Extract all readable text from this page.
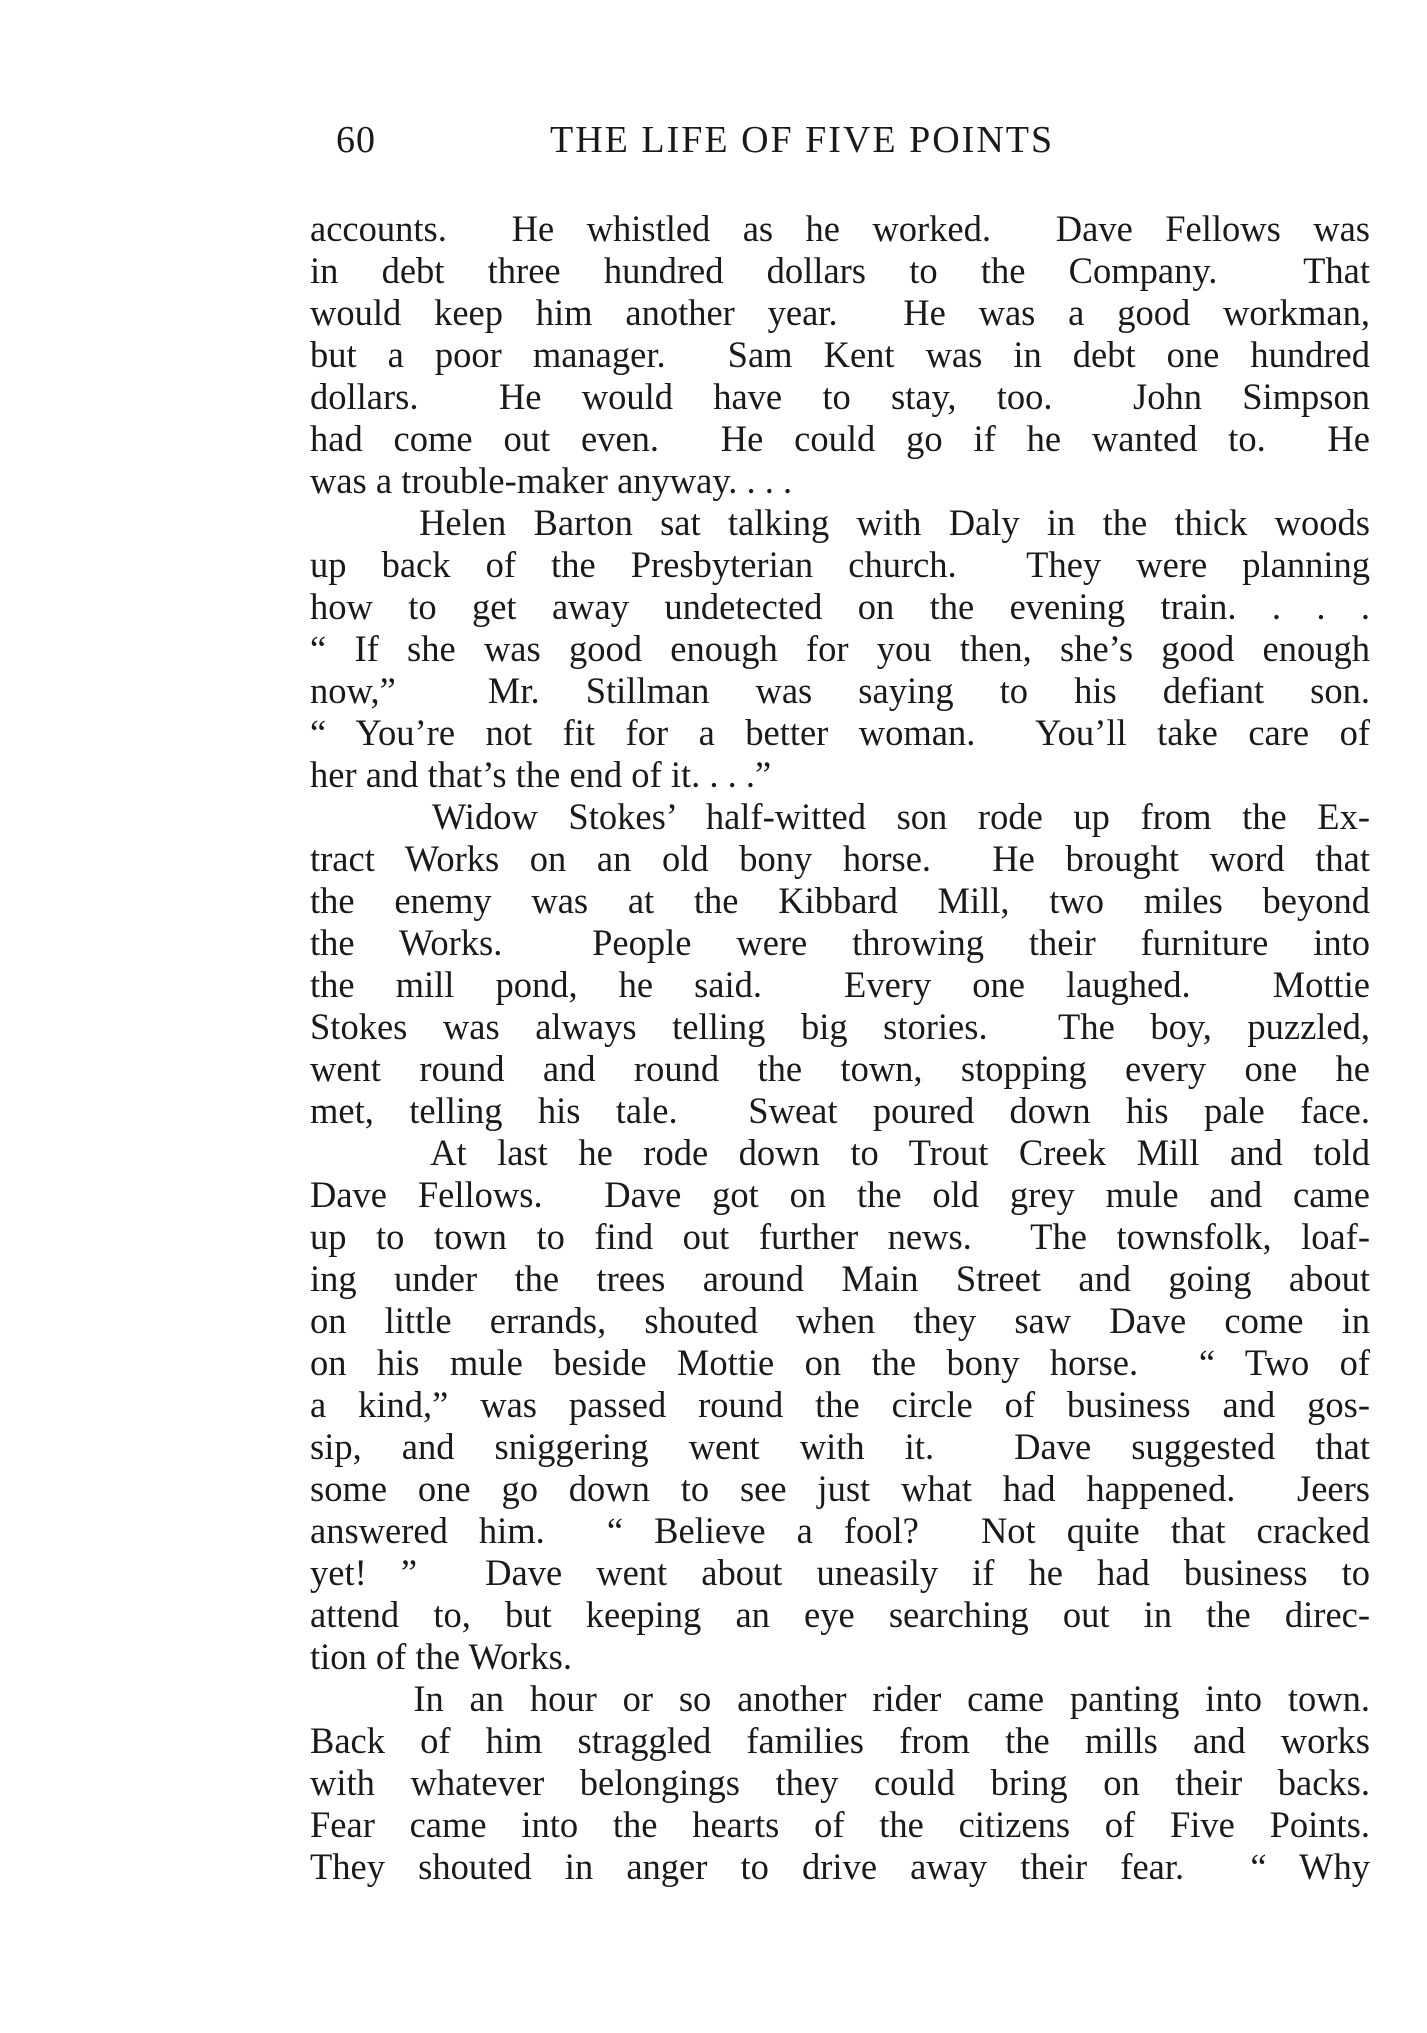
60	THE LIFE OF FIVE POINTS
accounts.  He whistled as he worked.  Dave Fellows was
in debt three hundred dollars to the Company.  That
would keep him another year.  He was a good workman,
but a poor manager.  Sam Kent was in debt one hundred
dollars.  He would have to stay, too.  John Simpson
had come out even.  He could go if he wanted to.  He
was a trouble-maker anyway. . . .
Helen Barton sat talking with Daly in the thick woods
up back of the Presbyterian church.  They were planning
how to get away undetected on the evening train. . . .
“ If she was good enough for you then, she’s good enough
now,”  Mr. Stillman was saying to his defiant son.
“ You’re not fit for a better woman.  You’ll take care of
her and that’s the end of it. . . .”
Widow Stokes’ half-witted son rode up from the Ex-
tract Works on an old bony horse.  He brought word that
the enemy was at the Kibbard Mill, two miles beyond
the Works.  People were throwing their furniture into
the mill pond, he said.  Every one laughed.  Mottie
Stokes was always telling big stories.  The boy, puzzled,
went round and round the town, stopping every one he
met, telling his tale.  Sweat poured down his pale face.
At last he rode down to Trout Creek Mill and told
Dave Fellows.  Dave got on the old grey mule and came
up to town to find out further news.  The townsfolk, loaf-
ing under the trees around Main Street and going about
on little errands, shouted when they saw Dave come in
on his mule beside Mottie on the bony horse.  “ Two of
a kind,” was passed round the circle of business and gos-
sip, and sniggering went with it.  Dave suggested that
some one go down to see just what had happened.  Jeers
answered him.  “ Believe a fool?  Not quite that cracked
yet! ”  Dave went about uneasily if he had business to
attend to, but keeping an eye searching out in the direc-
tion of the Works.
In an hour or so another rider came panting into town.
Back of him straggled families from the mills and works
with whatever belongings they could bring on their backs.
Fear came into the hearts of the citizens of Five Points.
They shouted in anger to drive away their fear.  “ Why
